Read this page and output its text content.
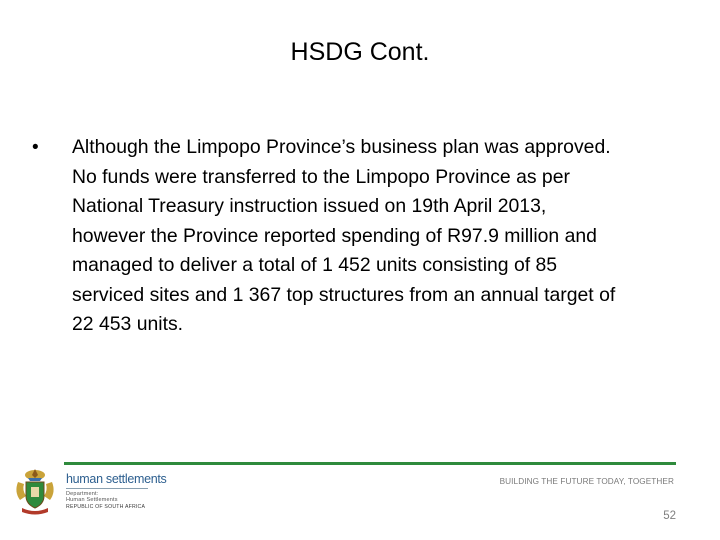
HSDG Cont.
•	Although the Limpopo Province’s business plan was approved.
No funds were transferred to the Limpopo Province as per
National Treasury instruction issued on 19th April 2013,
however the Province reported spending of R97.9 million and
managed to deliver a total of 1 452 units consisting of 85
serviced sites and 1 367 top structures from an annual target of
22 453 units.
human settlements
Department:
Human Settlements
REPUBLIC OF SOUTH AFRICA
BUILDING THE FUTURE TODAY, TOGETHER
52
